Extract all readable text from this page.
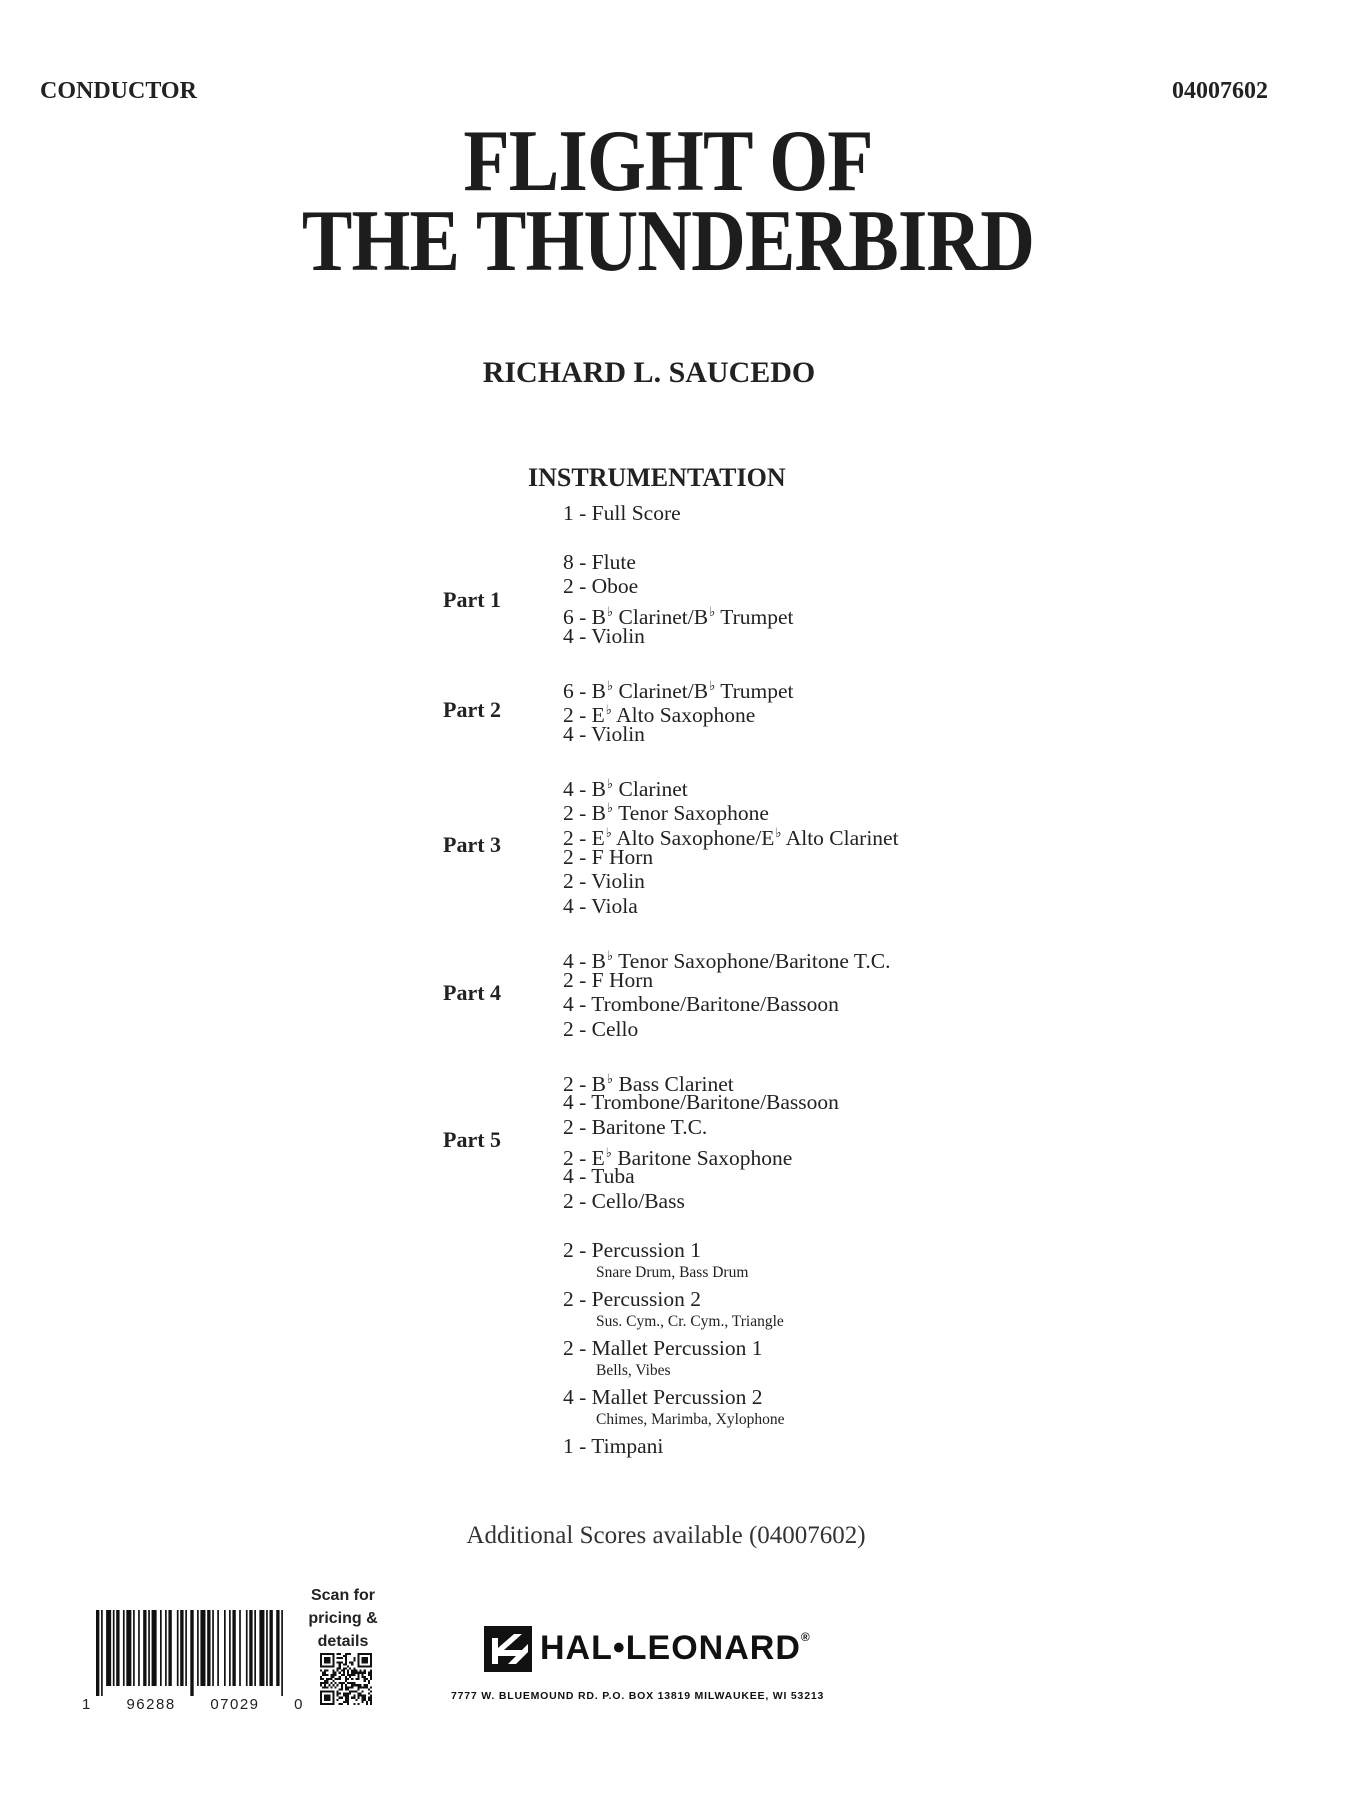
CONDUCTOR	04007602
FLIGHT OF
THE THUNDERBIRD
RICHARD L. SAUCEDO
INSTRUMENTATION
1 - Full Score
8 - Flute
2 - Oboe
6 - B♭ Clarinet/B♭ Trumpet
4 - Violin
Part 1
6 - B♭ Clarinet/B♭ Trumpet
2 - E♭ Alto Saxophone
4 - Violin
Part 2
4 - B♭ Clarinet
2 - B♭ Tenor Saxophone
2 - E♭ Alto Saxophone/E♭ Alto Clarinet
2 - F Horn
2 - Violin
4 - Viola
Part 3
4 - B♭ Tenor Saxophone/Baritone T.C.
2 - F Horn
4 - Trombone/Baritone/Bassoon
2 - Cello
Part 4
2 - B♭ Bass Clarinet
4 - Trombone/Baritone/Bassoon
2 - Baritone T.C.
2 - E♭ Baritone Saxophone
4 - Tuba
2 - Cello/Bass
Part 5
2 - Percussion 1
Snare Drum, Bass Drum
2 - Percussion 2
Sus. Cym., Cr. Cym., Triangle
2 - Mallet Percussion 1
Bells, Vibes
4 - Mallet Percussion 2
Chimes, Marimba, Xylophone
1 - Timpani
Additional Scores available (04007602)
1 96288 07029 0
Scan for
pricing &
details	HAL•LEONARD®
7777 W. BLUEMOUND RD. P.O. BOX 13819 MILWAUKEE, WI 53213
